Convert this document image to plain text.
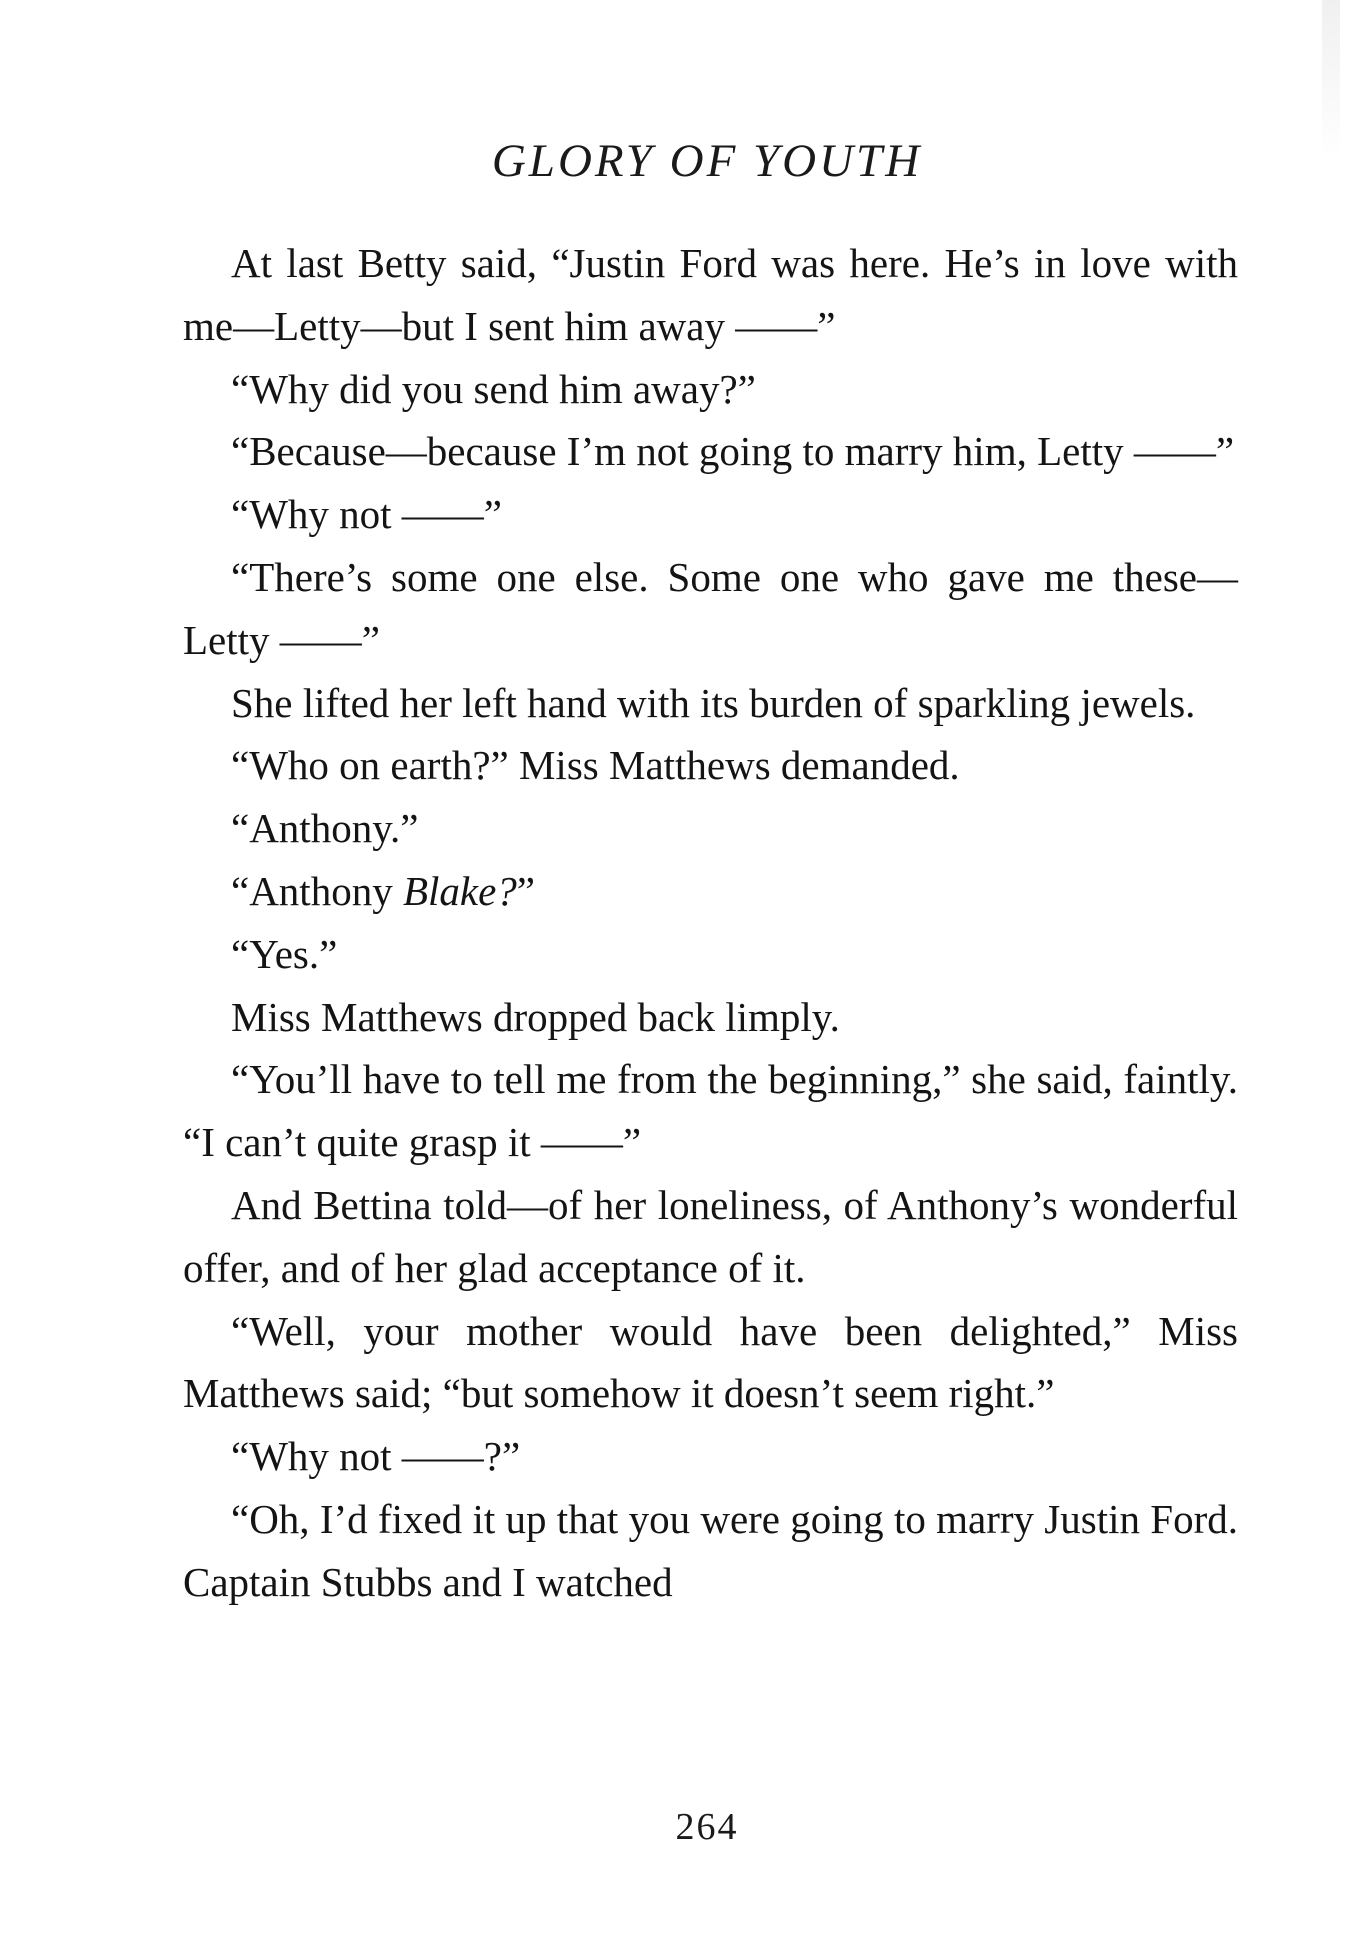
GLORY OF YOUTH

At last Betty said, “Justin Ford was here. He’s in love with me—Letty—but I sent him away ——”

“Why did you send him away?”

“Because—because I’m not going to marry him, Letty ——”

“Why not ——”

“There’s some one else. Some one who gave me these—Letty ——”

She lifted her left hand with its burden of sparkling jewels.

“Who on earth?” Miss Matthews demanded.

“Anthony.”

“Anthony Blake?”

“Yes.”

Miss Matthews dropped back limply.

“You’ll have to tell me from the beginning,” she said, faintly. “I can’t quite grasp it ——”

And Bettina told—of her loneliness, of Anthony’s wonderful offer, and of her glad acceptance of it.

“Well, your mother would have been delighted,” Miss Matthews said; “but somehow it doesn’t seem right.”

“Why not ——?”

“Oh, I’d fixed it up that you were going to marry Justin Ford. Captain Stubbs and I watched

264
